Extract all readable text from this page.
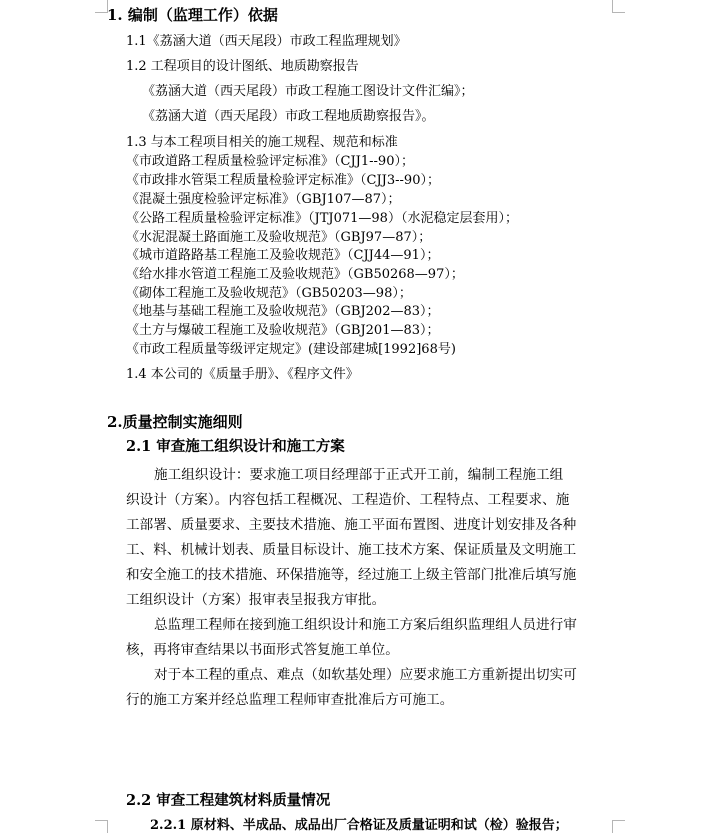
1. 编制（监理工作）依据
1.1《荔涵大道（西天尾段）市政工程监理规划》
1.2 工程项目的设计图纸、地质勘察报告
《荔涵大道（西天尾段）市政工程施工图设计文件汇编》；
《荔涵大道（西天尾段）市政工程地质勘察报告》。
1.3 与本工程项目相关的施工规程、规范和标准
《市政道路工程质量检验评定标准》（CJJ1--90）；
《市政排水管渠工程质量检验评定标准》（CJJ3--90）；
《混凝土强度检验评定标准》（GBJ107—87）；
《公路工程质量检验评定标准》（JTJ071—98）（水泥稳定层套用）；
《水泥混凝土路面施工及验收规范》（GBJ97—87）；
《城市道路路基工程施工及验收规范》（CJJ44—91）；
《给水排水管道工程施工及验收规范》（GB50268—97）；
《砌体工程施工及验收规范》（GB50203—98）；
《地基与基础工程施工及验收规范》（GBJ202—83）；
《土方与爆破工程施工及验收规范》（GBJ201—83）；
《市政工程质量等级评定规定》(建设部建城[1992]68号)
1.4 本公司的《质量手册》、《程序文件》
2.质量控制实施细则
2.1 审查施工组织设计和施工方案
施工组织设计：要求施工项目经理部于正式开工前，编制工程施工组
织设计（方案）。内容包括工程概况、工程造价、工程特点、工程要求、施
工部署、质量要求、主要技术措施、施工平面布置图、进度计划安排及各种
工、料、机械计划表、质量目标设计、施工技术方案、保证质量及文明施工
和安全施工的技术措施、环保措施等，经过施工上级主管部门批准后填写施
工组织设计（方案）报审表呈报我方审批。
总监理工程师在接到施工组织设计和施工方案后组织监理组人员进行审
核，再将审查结果以书面形式答复施工单位。
对于本工程的重点、难点（如软基处理）应要求施工方重新提出切实可
行的施工方案并经总监理工程师审查批准后方可施工。
2.2 审查工程建筑材料质量情况
2.2.1 原材料、半成品、成品出厂合格证及质量证明和试（检）验报告；
